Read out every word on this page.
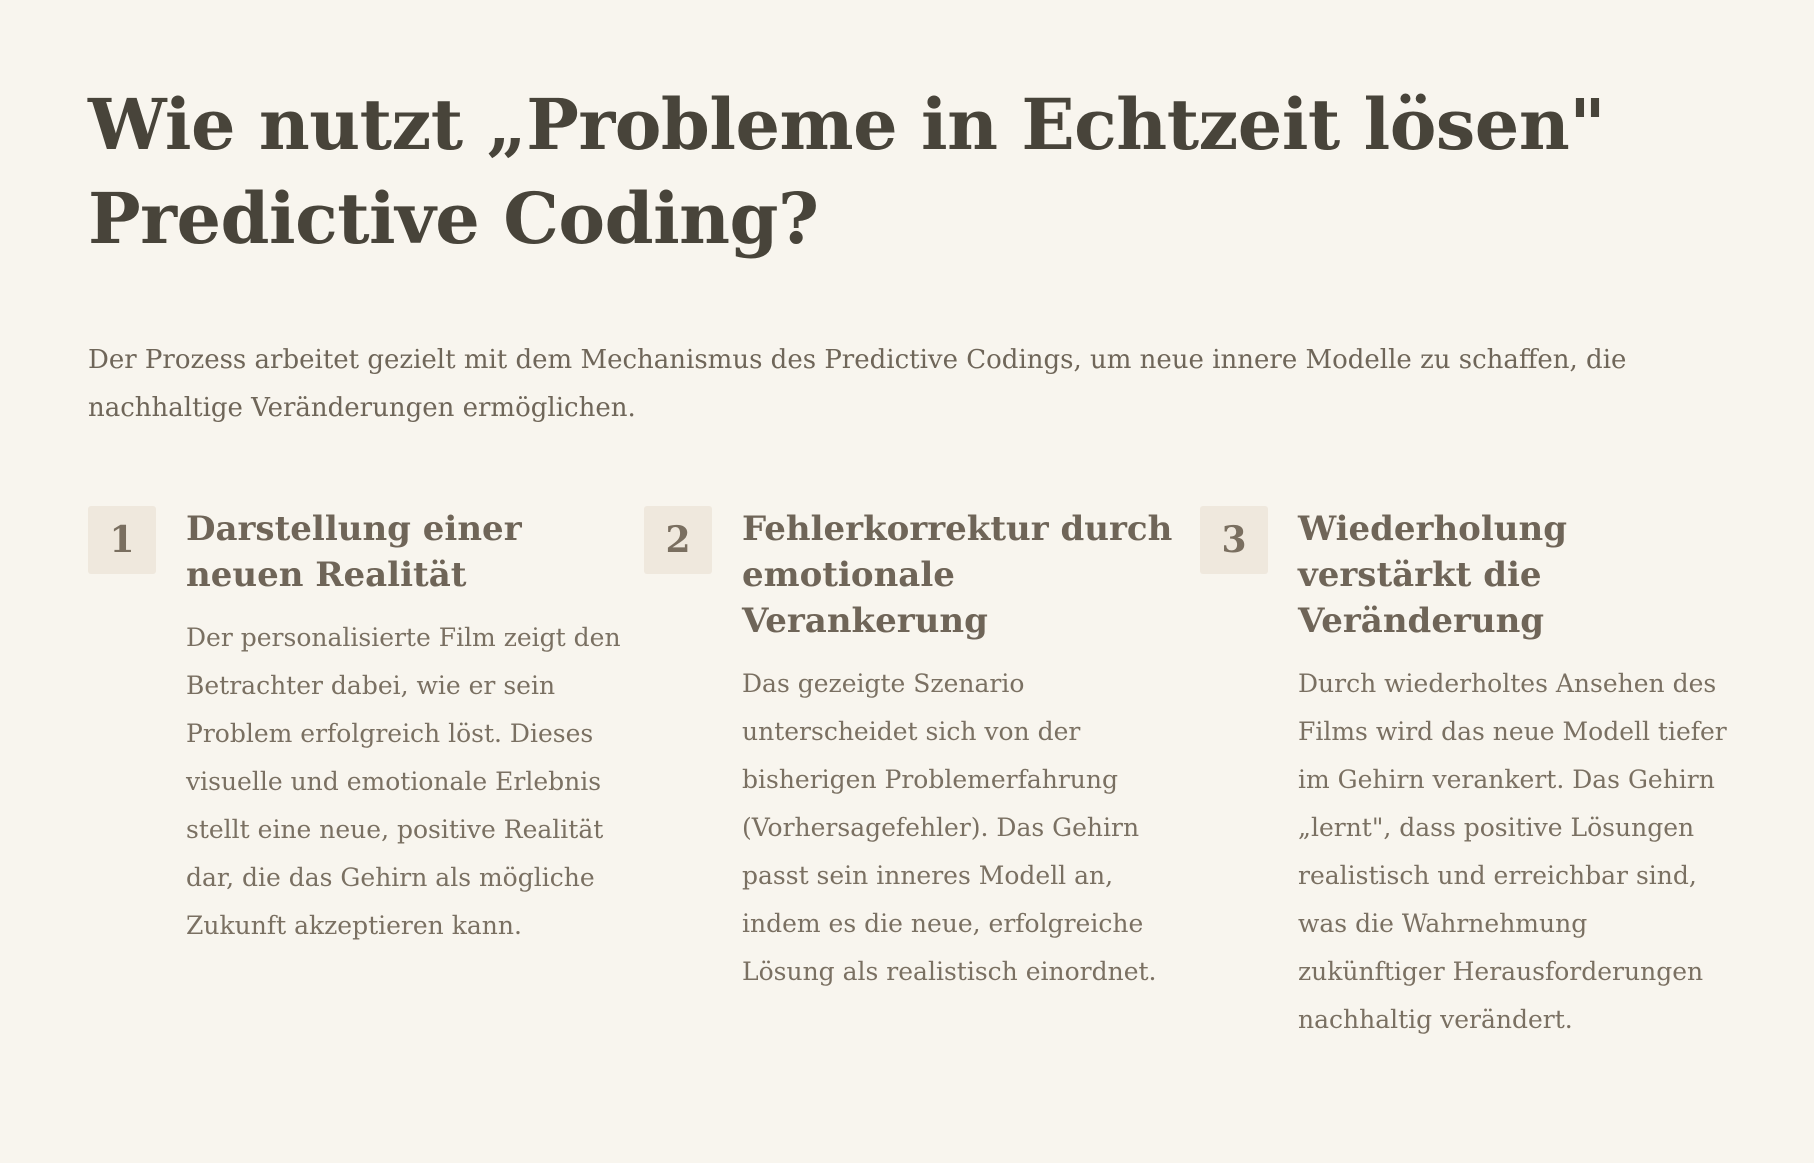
Wie nutzt „Probleme in Echtzeit lösen" Predictive Coding?

Der Prozess arbeitet gezielt mit dem Mechanismus des Predictive Codings, um neue innere Modelle zu schaffen, die nachhaltige Veränderungen ermöglichen.

1	Darstellung einer neuen Realität

Der personalisierte Film zeigt den Betrachter dabei, wie er sein Problem erfolgreich löst. Dieses visuelle und emotionale Erlebnis stellt eine neue, positive Realität dar, die das Gehirn als mögliche Zukunft akzeptieren kann.

2	Fehlerkorrektur durch emotionale Verankerung

Das gezeigte Szenario unterscheidet sich von der bisherigen Problemerfahrung (Vorhersagefehler). Das Gehirn passt sein inneres Modell an, indem es die neue, erfolgreiche Lösung als realistisch einordnet.

3	Wiederholung verstärkt die Veränderung

Durch wiederholtes Ansehen des Films wird das neue Modell tiefer im Gehirn verankert. Das Gehirn „lernt", dass positive Lösungen realistisch und erreichbar sind, was die Wahrnehmung zukünftiger Herausforderungen nachhaltig verändert.
